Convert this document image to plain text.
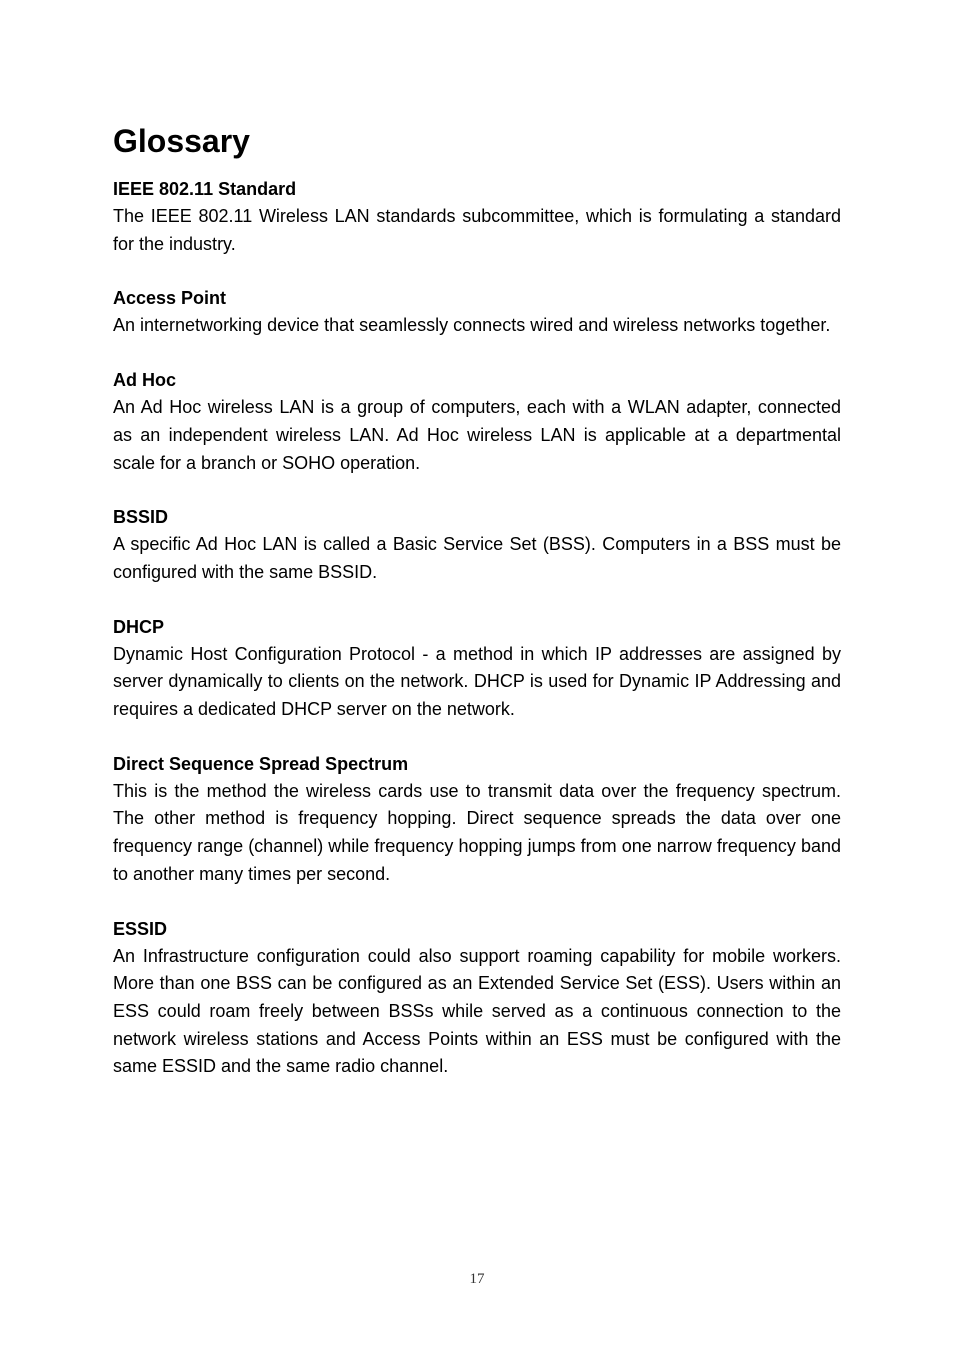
Glossary
IEEE 802.11 Standard

The IEEE 802.11 Wireless LAN standards subcommittee, which is formulating a standard for the industry.

Access Point

An internetworking device that seamlessly connects wired and wireless networks together.

Ad Hoc

An Ad Hoc wireless LAN is a group of computers, each with a WLAN adapter, connected as an independent wireless LAN. Ad Hoc wireless LAN is applicable at a departmental scale for a branch or SOHO operation.

BSSID

A specific Ad Hoc LAN is called a Basic Service Set (BSS). Computers in a BSS must be configured with the same BSSID.

DHCP

Dynamic Host Configuration Protocol - a method in which IP addresses are assigned by server dynamically to clients on the network. DHCP is used for Dynamic IP Addressing and requires a dedicated DHCP server on the network.

Direct Sequence Spread Spectrum

This is the method the wireless cards use to transmit data over the frequency spectrum. The other method is frequency hopping. Direct sequence spreads the data over one frequency range (channel) while frequency hopping jumps from one narrow frequency band to another many times per second.

ESSID

An Infrastructure configuration could also support roaming capability for mobile workers. More than one BSS can be configured as an Extended Service Set (ESS). Users within an ESS could roam freely between BSSs while served as a continuous connection to the network wireless stations and Access Points within an ESS must be configured with the same ESSID and the same radio channel.

17
